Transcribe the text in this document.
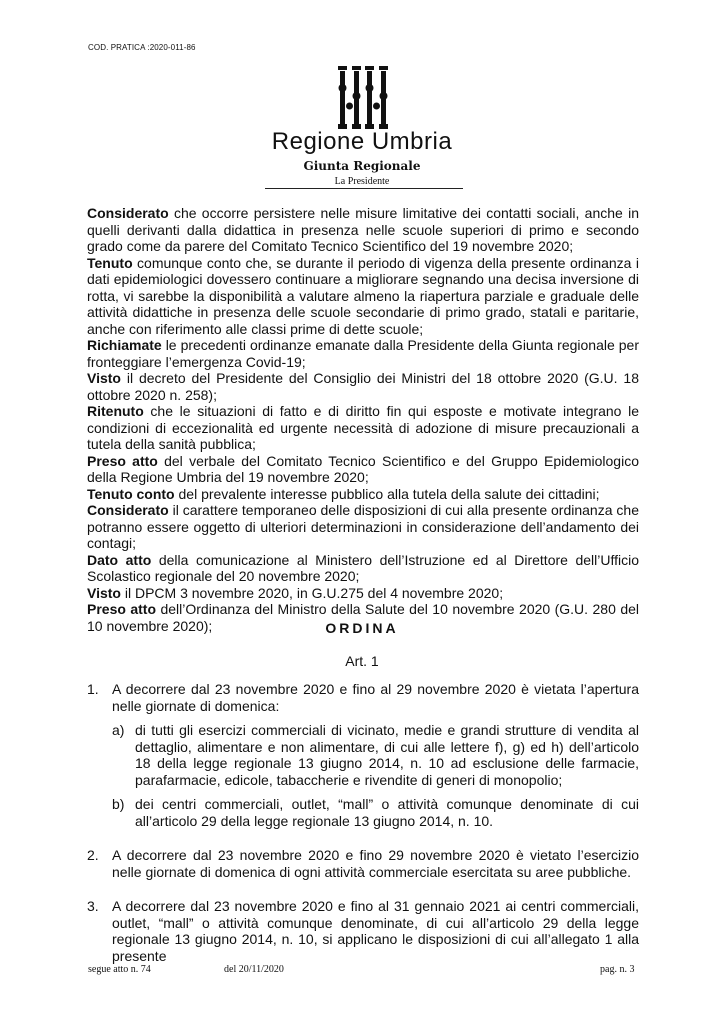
COD. PRATICA :2020-011-86
Regione Umbria
Giunta Regionale
La Presidente

Considerato che occorre persistere nelle misure limitative dei contatti sociali, anche in quelli derivanti dalla didattica in presenza nelle scuole superiori di primo e secondo grado come da parere del Comitato Tecnico Scientifico del 19 novembre 2020;

Tenuto comunque conto che, se durante il periodo di vigenza della presente ordinanza i dati epidemiologici dovessero continuare a migliorare segnando una decisa inversione di rotta, vi sarebbe la disponibilità a valutare almeno la riapertura parziale e graduale delle attività didattiche in presenza delle scuole secondarie di primo grado, statali e paritarie, anche con riferimento alle classi prime di dette scuole;

Richiamate le precedenti ordinanze emanate dalla Presidente della Giunta regionale per fronteggiare l’emergenza Covid-19;

Visto il decreto del Presidente del Consiglio dei Ministri del 18 ottobre 2020 (G.U. 18 ottobre 2020 n. 258);

Ritenuto che le situazioni di fatto e di diritto fin qui esposte e motivate integrano le condizioni di eccezionalità ed urgente necessità di adozione di misure precauzionali a tutela della sanità pubblica;

Preso atto del verbale del Comitato Tecnico Scientifico e del Gruppo Epidemiologico della Regione Umbria del 19 novembre 2020;

Tenuto conto del prevalente interesse pubblico alla tutela della salute dei cittadini;

Considerato il carattere temporaneo delle disposizioni di cui alla presente ordinanza che potranno essere oggetto di ulteriori determinazioni in considerazione dell’andamento dei contagi;

Dato atto della comunicazione al Ministero dell’Istruzione ed al Direttore dell’Ufficio Scolastico regionale del 20 novembre 2020;

Visto il DPCM 3 novembre 2020, in G.U.275 del 4 novembre 2020;

Preso atto dell’Ordinanza del Ministro della Salute del 10 novembre 2020 (G.U. 280 del 10 novembre 2020);	ORDINA
Art. 1
1. A decorrere dal 23 novembre 2020 e fino al 29 novembre 2020 è vietata l’apertura nelle giornate di domenica:
a) di tutti gli esercizi commerciali di vicinato, medie e grandi strutture di vendita al dettaglio, alimentare e non alimentare, di cui alle lettere f), g) ed h) dell’articolo 18 della legge regionale 13 giugno 2014, n. 10 ad esclusione delle farmacie, parafarmacie, edicole, tabaccherie e rivendite di generi di monopolio;
b) dei centri commerciali, outlet, “mall” o attività comunque denominate di cui all’articolo 29 della legge regionale 13 giugno 2014, n. 10.
2. A decorrere dal 23 novembre 2020 e fino 29 novembre 2020 è vietato l’esercizio nelle giornate di domenica di ogni attività commerciale esercitata su aree pubbliche.
3. A decorrere dal 23 novembre 2020 e fino al 31 gennaio 2021 ai centri commerciali, outlet, “mall” o attività comunque denominate, di cui all’articolo 29 della legge regionale 13 giugno 2014, n. 10, si applicano le disposizioni di cui all’allegato 1 alla presente
segue atto n. 74	del 20/11/2020	pag. n. 3
